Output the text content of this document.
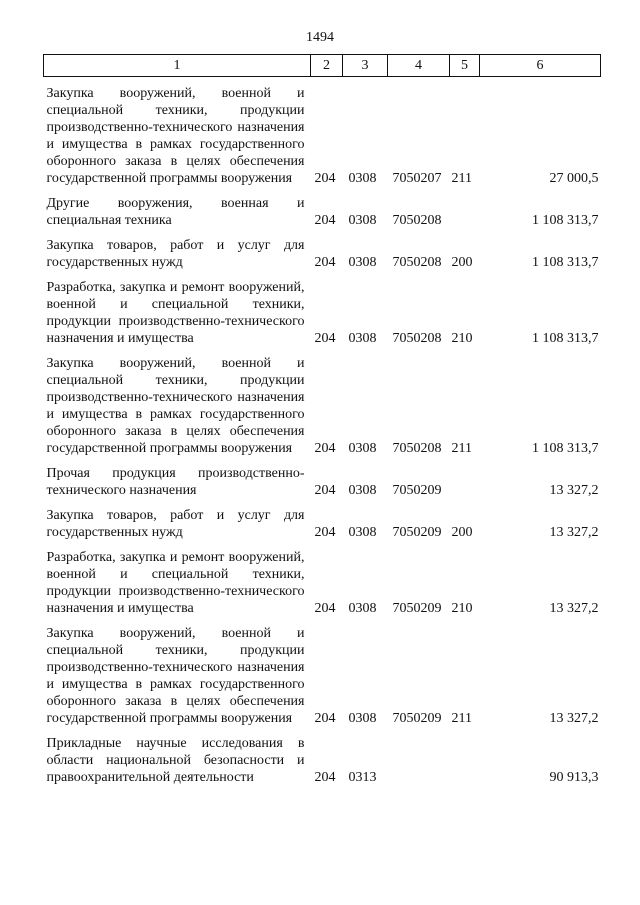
1494
1	2	3	4	5	6
Закупка вооружений, военной и специальной техники, продукции производственно-технического назначения и имущества в рамках государственного оборонного заказа в целях обеспечения государственной программы вооружения	204	0308	7050207	211	27 000,5
Другие вооружения, военная и специальная техника	204	0308	7050208		1 108 313,7
Закупка товаров, работ и услуг для государственных нужд	204	0308	7050208	200	1 108 313,7
Разработка, закупка и ремонт вооружений, военной и специальной техники, продукции производственно-технического назначения и имущества	204	0308	7050208	210	1 108 313,7
Закупка вооружений, военной и специальной техники, продукции производственно-технического назначения и имущества в рамках государственного оборонного заказа в целях обеспечения государственной программы вооружения	204	0308	7050208	211	1 108 313,7
Прочая продукция производственно-технического назначения	204	0308	7050209		13 327,2
Закупка товаров, работ и услуг для государственных нужд	204	0308	7050209	200	13 327,2
Разработка, закупка и ремонт вооружений, военной и специальной техники, продукции производственно-технического назначения и имущества	204	0308	7050209	210	13 327,2
Закупка вооружений, военной и специальной техники, продукции производственно-технического назначения и имущества в рамках государственного оборонного заказа в целях обеспечения государственной программы вооружения	204	0308	7050209	211	13 327,2
Прикладные научные исследования в области национальной безопасности и правоохранительной деятельности	204	0313			90 913,3
